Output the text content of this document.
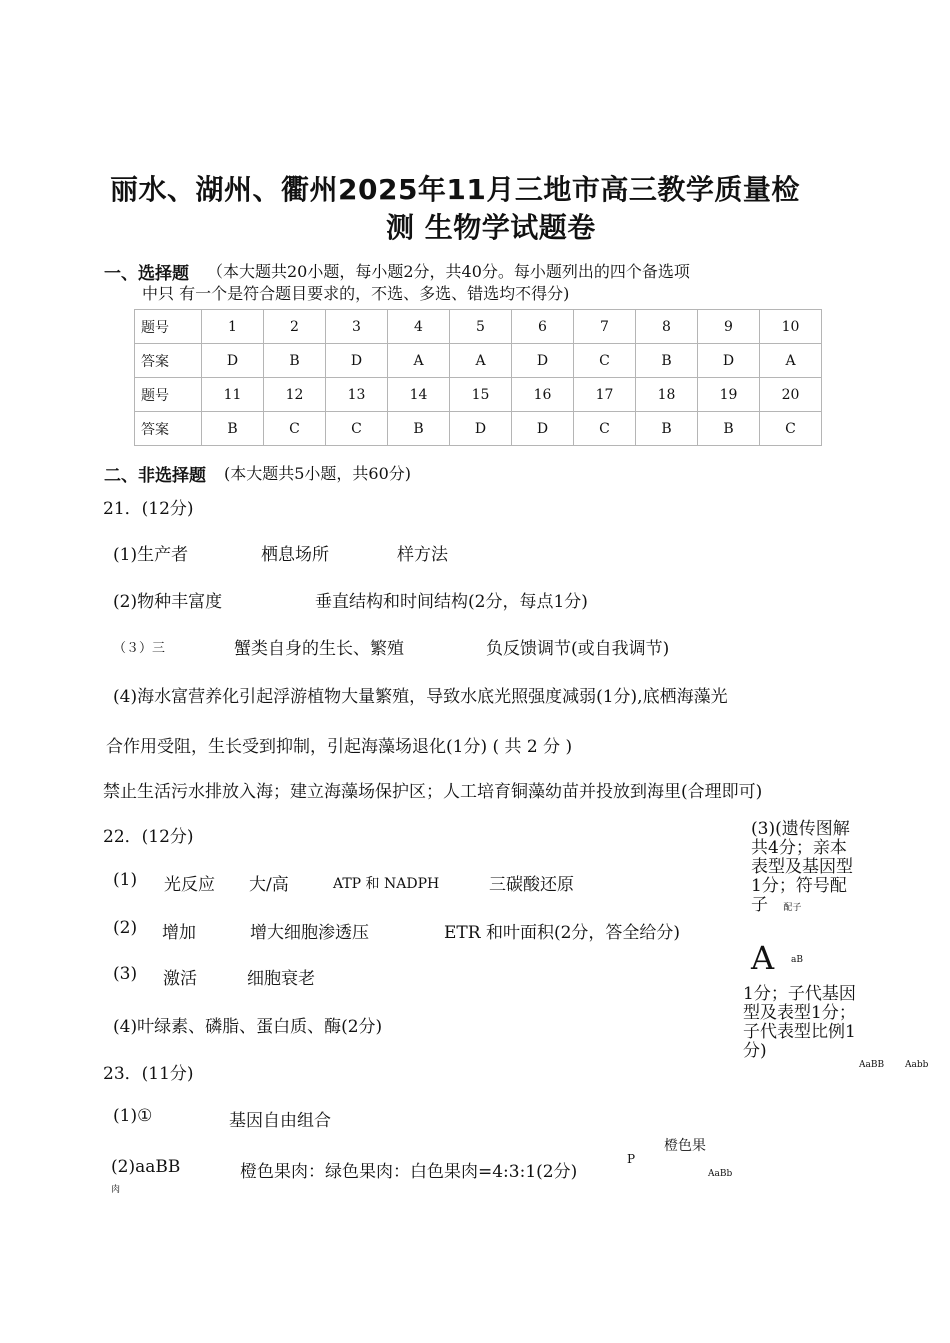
丽水、湖州、衢州2025年11月三地市高三教学质量检
测 生物学试题卷
一、选择题 （本大题共20小题，每小题2分，共40分。每小题列出的四个备选项
中只 有一个是符合题目要求的，不选、多选、错选均不得分)
题号	1	2	3	4	5	6	7	8	9	10
答案	D	B	D	A	A	D	C	B	D	A
题号	11	12	13	14	15	16	17	18	19	20
答案	B	C	C	B	D	D	C	B	B	C
二、非选择题 (本大题共5小题，共60分)
21．(12分)
(1)生产者	栖息场所	样方法
(2)物种丰富度	垂直结构和时间结构(2分，每点1分)
（３）三	蟹类自身的生长、繁殖	负反馈调节(或自我调节)
(4)海水富营养化引起浮游植物大量繁殖，导致水底光照强度减弱(1分),底栖海藻光
合作用受阻，生长受到抑制，引起海藻场退化(1分) ( 共 2 分 )
禁止生活污水排放入海；建立海藻场保护区；人工培育铜藻幼苗并投放到海里(合理即可)
22．(12分)
(1) 光反应 大/高	ATP 和 NADPH	三碳酸还原
(2) 增加	增大细胞渗透压	ETR 和叶面积(2分，答全给分)
(3) 激活	细胞衰老
(4)叶绿素、磷脂、蛋白质、酶(2分)
23．(11分)
(1)①	基因自由组合
(2)aaBB	橙色果肉：绿色果肉：白色果肉=4:3:1(2分)
肉
(3)(遗传图解共4分；亲本表型及基因型1分；符号配子 配子
A aB
1分；子代基因型及表型1分；子代表型比例1分)
AaBB Aabb
P
橙色果
AaBb
